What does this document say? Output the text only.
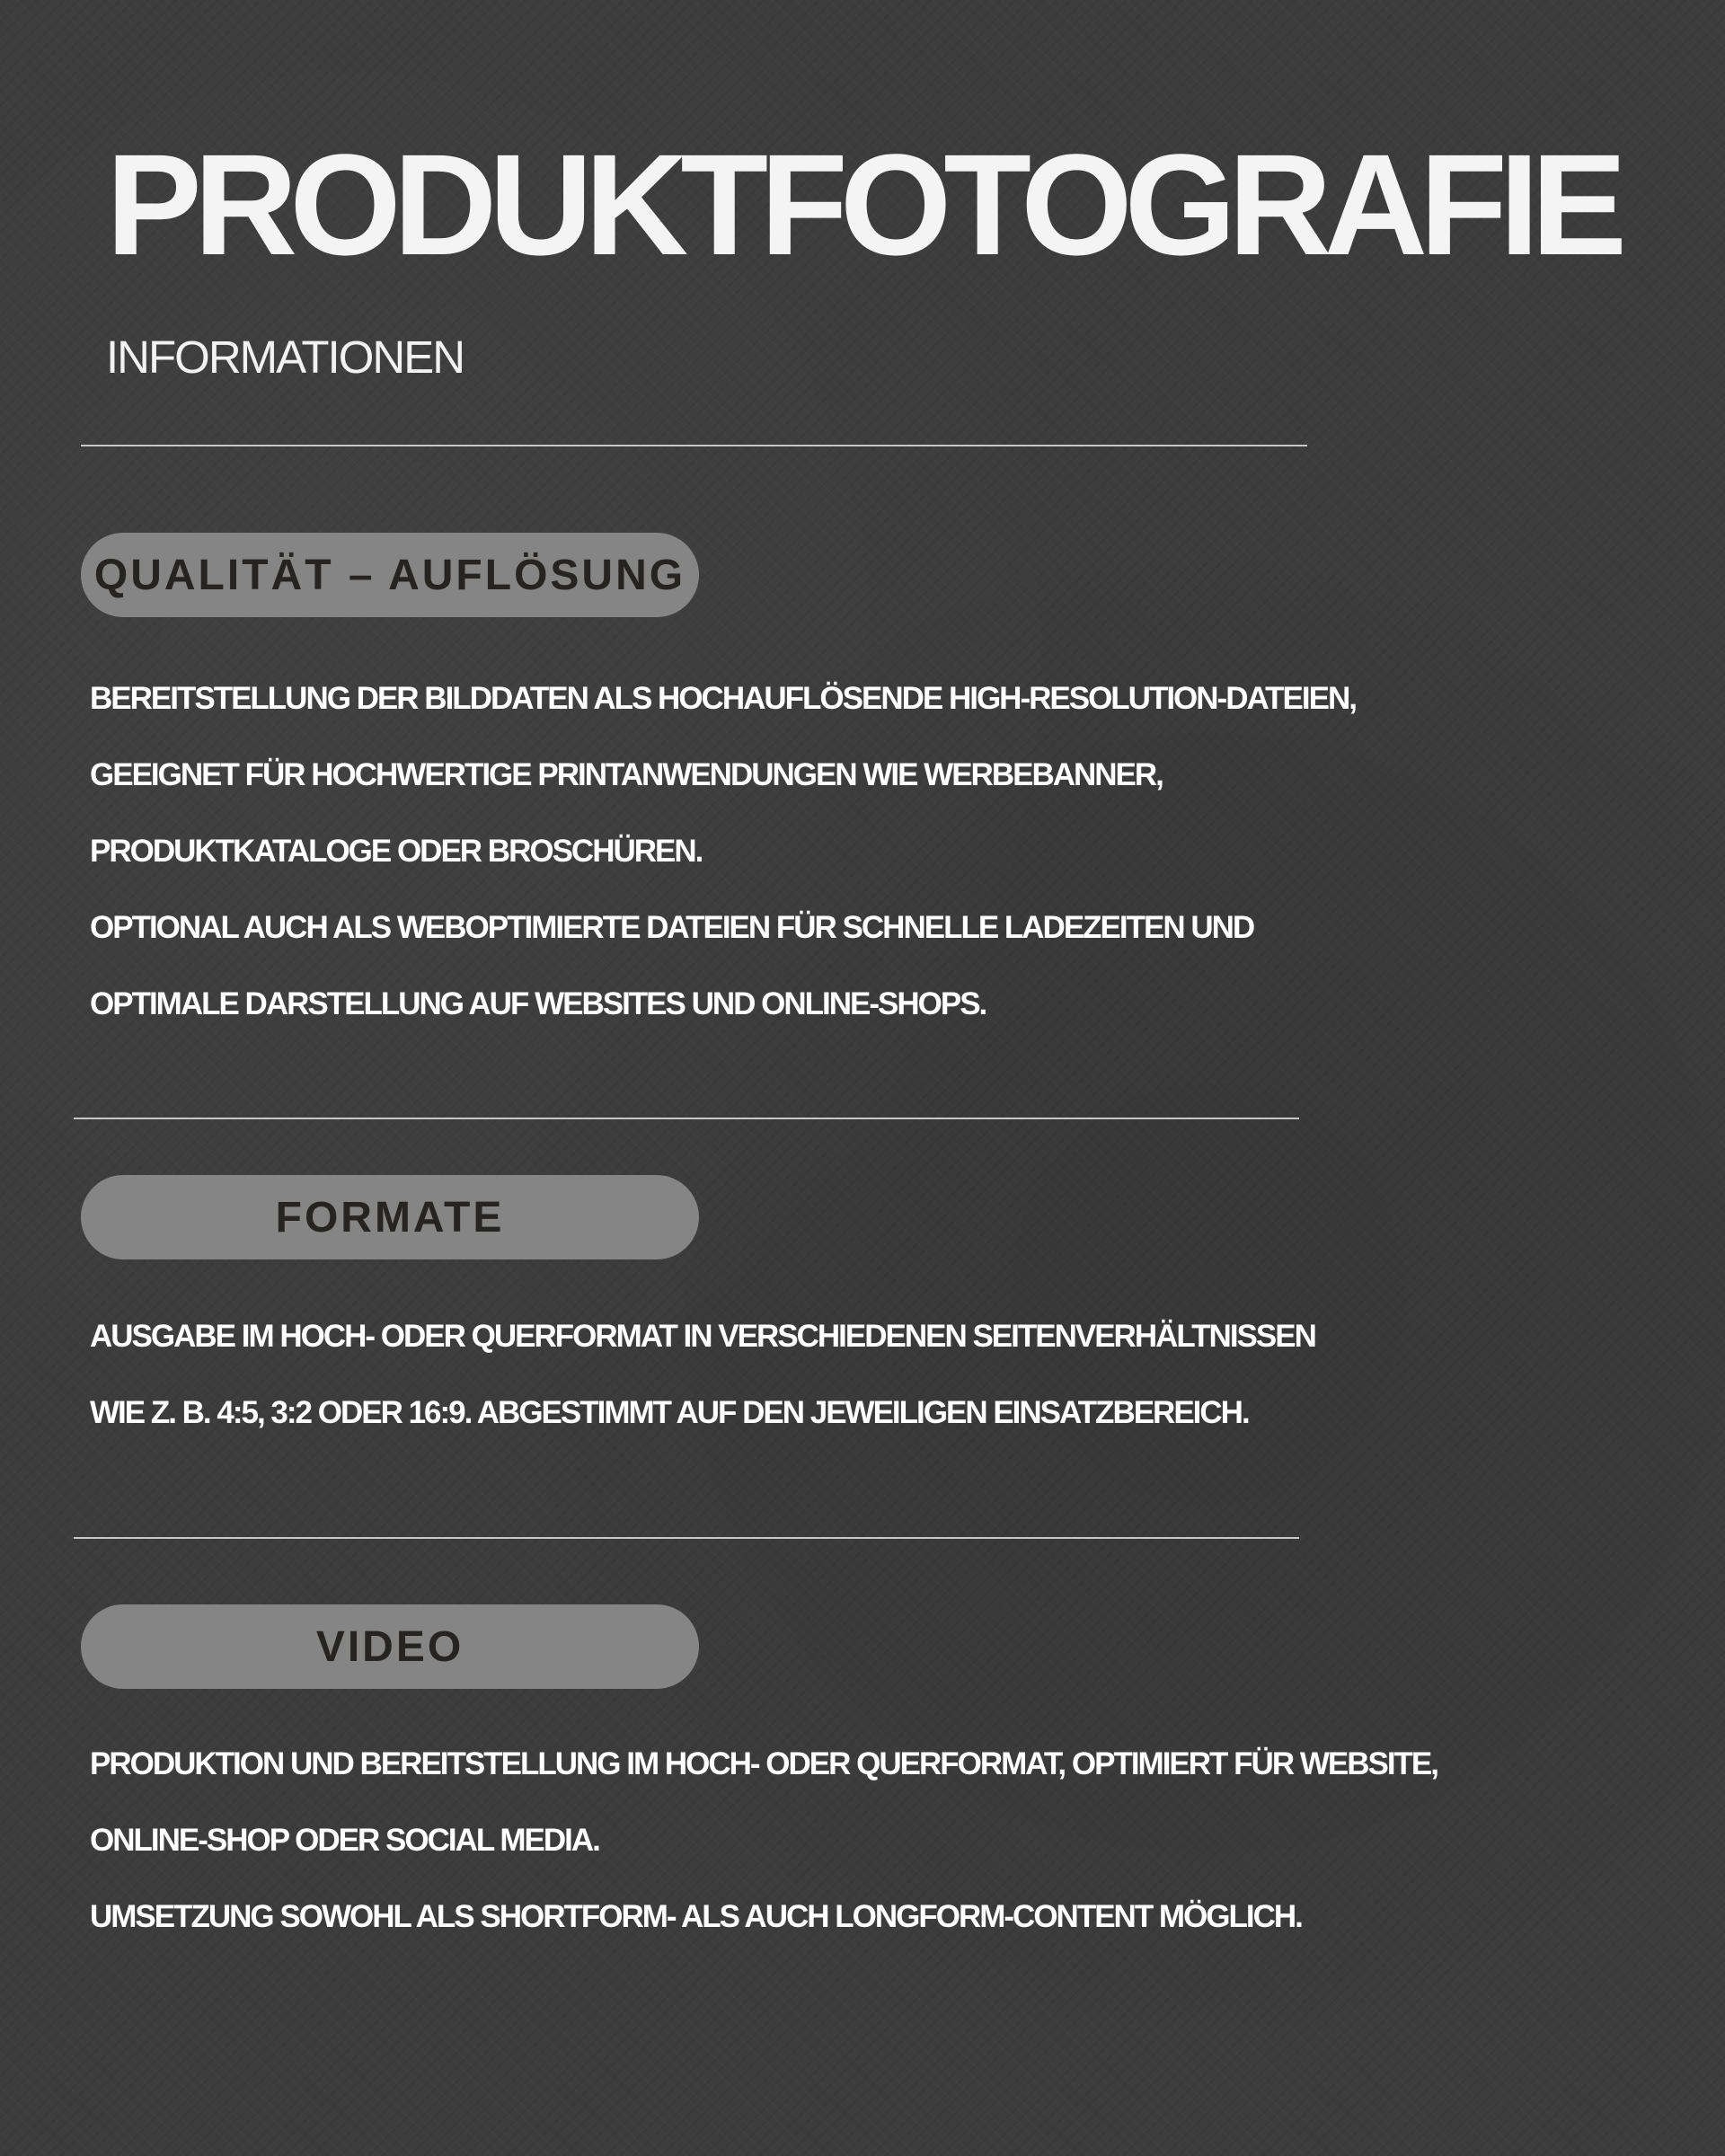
PRODUKTFOTOGRAFIE
INFORMATIONEN
QUALITÄT – AUFLÖSUNG
BEREITSTELLUNG DER BILDDATEN ALS HOCHAUFLÖSENDE HIGH-RESOLUTION-DATEIEN,
GEEIGNET FÜR HOCHWERTIGE PRINTANWENDUNGEN WIE WERBEBANNER,
PRODUKTKATALOGE ODER BROSCHÜREN.
OPTIONAL AUCH ALS WEBOPTIMIERTE DATEIEN FÜR SCHNELLE LADEZEITEN UND
OPTIMALE DARSTELLUNG AUF WEBSITES UND ONLINE-SHOPS.
FORMATE
AUSGABE IM HOCH- ODER QUERFORMAT IN VERSCHIEDENEN SEITENVERHÄLTNISSEN
WIE Z. B. 4:5, 3:2 ODER 16:9. ABGESTIMMT AUF DEN JEWEILIGEN EINSATZBEREICH.
VIDEO
PRODUKTION UND BEREITSTELLUNG IM HOCH- ODER QUERFORMAT, OPTIMIERT FÜR WEBSITE,
ONLINE-SHOP ODER SOCIAL MEDIA.
UMSETZUNG SOWOHL ALS SHORTFORM- ALS AUCH LONGFORM-CONTENT MÖGLICH.
